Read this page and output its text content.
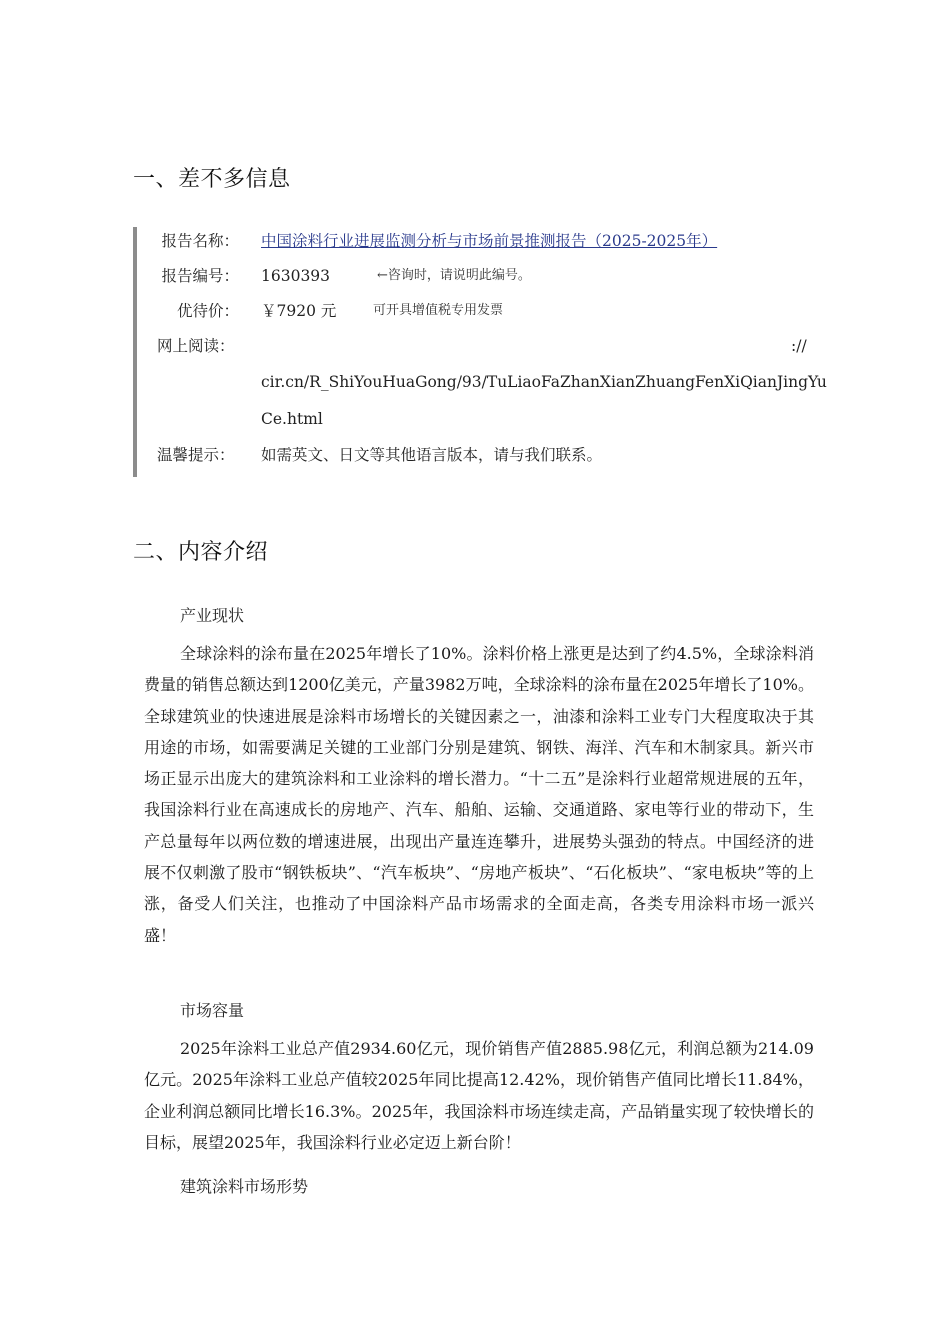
一、差不多信息
报告名称： 中国涂料行业进展监测分析与市场前景推测报告（2025-2025年）
报告编号： 1630393	←咨询时，请说明此编号。
优待价： ￥7920 元	可开具增值税专用发票
网上阅读：	://
cir.cn/R_ShiYouHuaGong/93/TuLiaoFaZhanXianZhuangFenXiQianJingYu
Ce.html
温馨提示： 如需英文、日文等其他语言版本，请与我们联系。
二、内容介绍
产业现状

全球涂料的涂布量在2025年增长了10%。涂料价格上涨更是达到了约4.5%，全球涂料消费量的销售总额达到1200亿美元，产量3982万吨，全球涂料的涂布量在2025年增长了10%。全球建筑业的快速进展是涂料市场增长的关键因素之一，油漆和涂料工业专门大程度取决于其用途的市场，如需要满足关键的工业部门分别是建筑、钢铁、海洋、汽车和木制家具。新兴市场正显示出庞大的建筑涂料和工业涂料的增长潜力。“十二五”是涂料行业超常规进展的五年，我国涂料行业在高速成长的房地产、汽车、船舶、运输、交通道路、家电等行业的带动下，生产总量每年以两位数的增速进展，出现出产量连连攀升，进展势头强劲的特点。中国经济的进展不仅刺激了股市“钢铁板块”、“汽车板块”、“房地产板块”、“石化板块”、“家电板块”等的上涨，备受人们关注，也推动了中国涂料产品市场需求的全面走高，各类专用涂料市场一派兴盛！

市场容量

2025年涂料工业总产值2934.60亿元，现价销售产值2885.98亿元，利润总额为214.09亿元。2025年涂料工业总产值较2025年同比提高12.42%，现价销售产值同比增长11.84%，企业利润总额同比增长16.3%。2025年，我国涂料市场连续走高，产品销量实现了较快增长的目标，展望2025年，我国涂料行业必定迈上新台阶！

建筑涂料市场形势
